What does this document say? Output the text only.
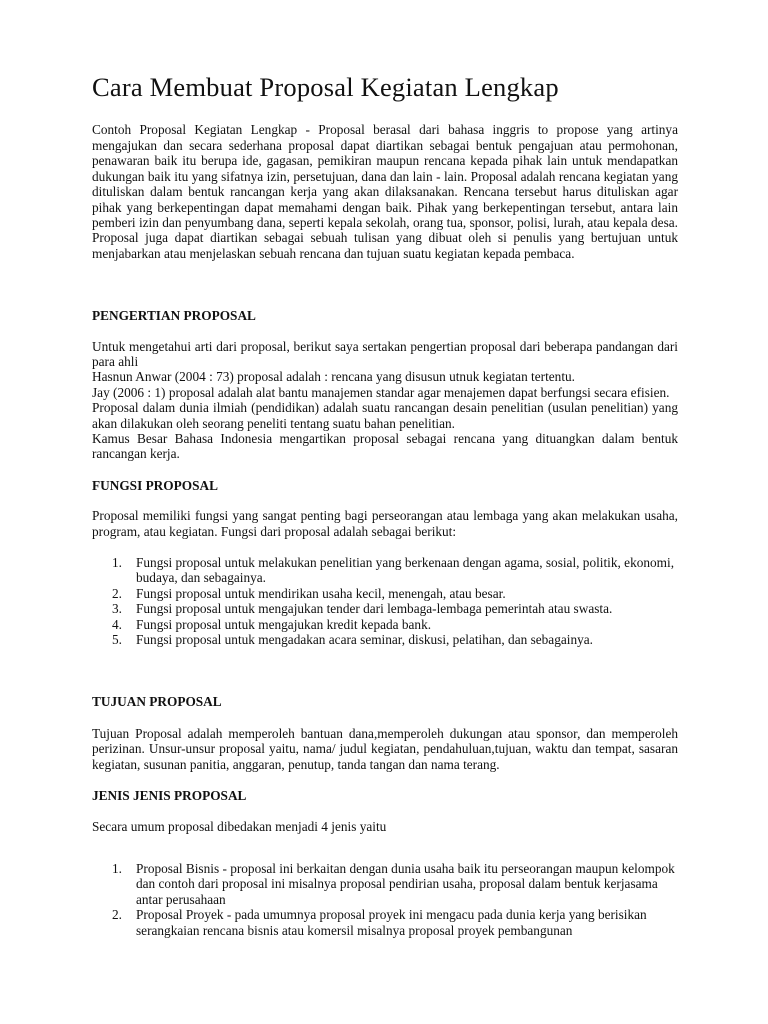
Cara Membuat Proposal Kegiatan Lengkap

Contoh Proposal Kegiatan Lengkap - Proposal berasal dari bahasa inggris to propose yang artinya mengajukan dan secara sederhana proposal dapat diartikan sebagai bentuk pengajuan atau permohonan, penawaran baik itu berupa ide, gagasan, pemikiran maupun rencana kepada pihak lain untuk mendapatkan dukungan baik itu yang sifatnya izin, persetujuan, dana dan lain - lain. Proposal adalah rencana kegiatan yang dituliskan dalam bentuk rancangan kerja yang akan dilaksanakan. Rencana tersebut harus dituliskan agar pihak yang berkepentingan dapat memahami dengan baik. Pihak yang berkepentingan tersebut, antara lain pemberi izin dan penyumbang dana, seperti kepala sekolah, orang tua, sponsor, polisi, lurah, atau kepala desa. Proposal juga dapat diartikan sebagai sebuah tulisan yang dibuat oleh si penulis yang bertujuan untuk menjabarkan atau menjelaskan sebuah rencana dan tujuan suatu kegiatan kepada pembaca.

PENGERTIAN PROPOSAL

Untuk mengetahui arti dari proposal, berikut saya sertakan pengertian proposal dari beberapa pandangan dari para ahli

Hasnun Anwar (2004 : 73) proposal adalah : rencana yang disusun utnuk kegiatan tertentu.

Jay (2006 : 1) proposal adalah alat bantu manajemen standar agar menajemen dapat berfungsi secara efisien.

Proposal dalam dunia ilmiah (pendidikan) adalah suatu rancangan desain penelitian (usulan penelitian) yang akan dilakukan oleh seorang peneliti tentang suatu bahan penelitian.

Kamus Besar Bahasa Indonesia mengartikan proposal sebagai rencana yang dituangkan dalam bentuk rancangan kerja.

FUNGSI PROPOSAL

Proposal memiliki fungsi yang sangat penting bagi perseorangan atau lembaga yang akan melakukan usaha, program, atau kegiatan. Fungsi dari proposal adalah sebagai berikut:

1. Fungsi proposal untuk melakukan penelitian yang berkenaan dengan agama, sosial, politik, ekonomi, budaya, dan sebagainya.
2. Fungsi proposal untuk mendirikan usaha kecil, menengah, atau besar.
3. Fungsi proposal untuk mengajukan tender dari lembaga-lembaga pemerintah atau swasta.
4. Fungsi proposal untuk mengajukan kredit kepada bank.
5. Fungsi proposal untuk mengadakan acara seminar, diskusi, pelatihan, dan sebagainya.
TUJUAN PROPOSAL

Tujuan Proposal adalah memperoleh bantuan dana,memperoleh dukungan atau sponsor, dan memperoleh perizinan. Unsur-unsur proposal yaitu, nama/ judul kegiatan, pendahuluan,tujuan, waktu dan tempat, sasaran kegiatan, susunan panitia, anggaran, penutup, tanda tangan dan nama terang.

JENIS JENIS PROPOSAL

Secara umum proposal dibedakan menjadi 4 jenis yaitu

1. Proposal Bisnis - proposal ini berkaitan dengan dunia usaha baik itu perseorangan maupun kelompok dan contoh dari proposal ini misalnya proposal pendirian usaha, proposal dalam bentuk kerjasama antar perusahaan
2. Proposal Proyek - pada umumnya proposal proyek ini mengacu pada dunia kerja yang berisikan serangkaian rencana bisnis atau komersil misalnya proposal proyek pembangunan
